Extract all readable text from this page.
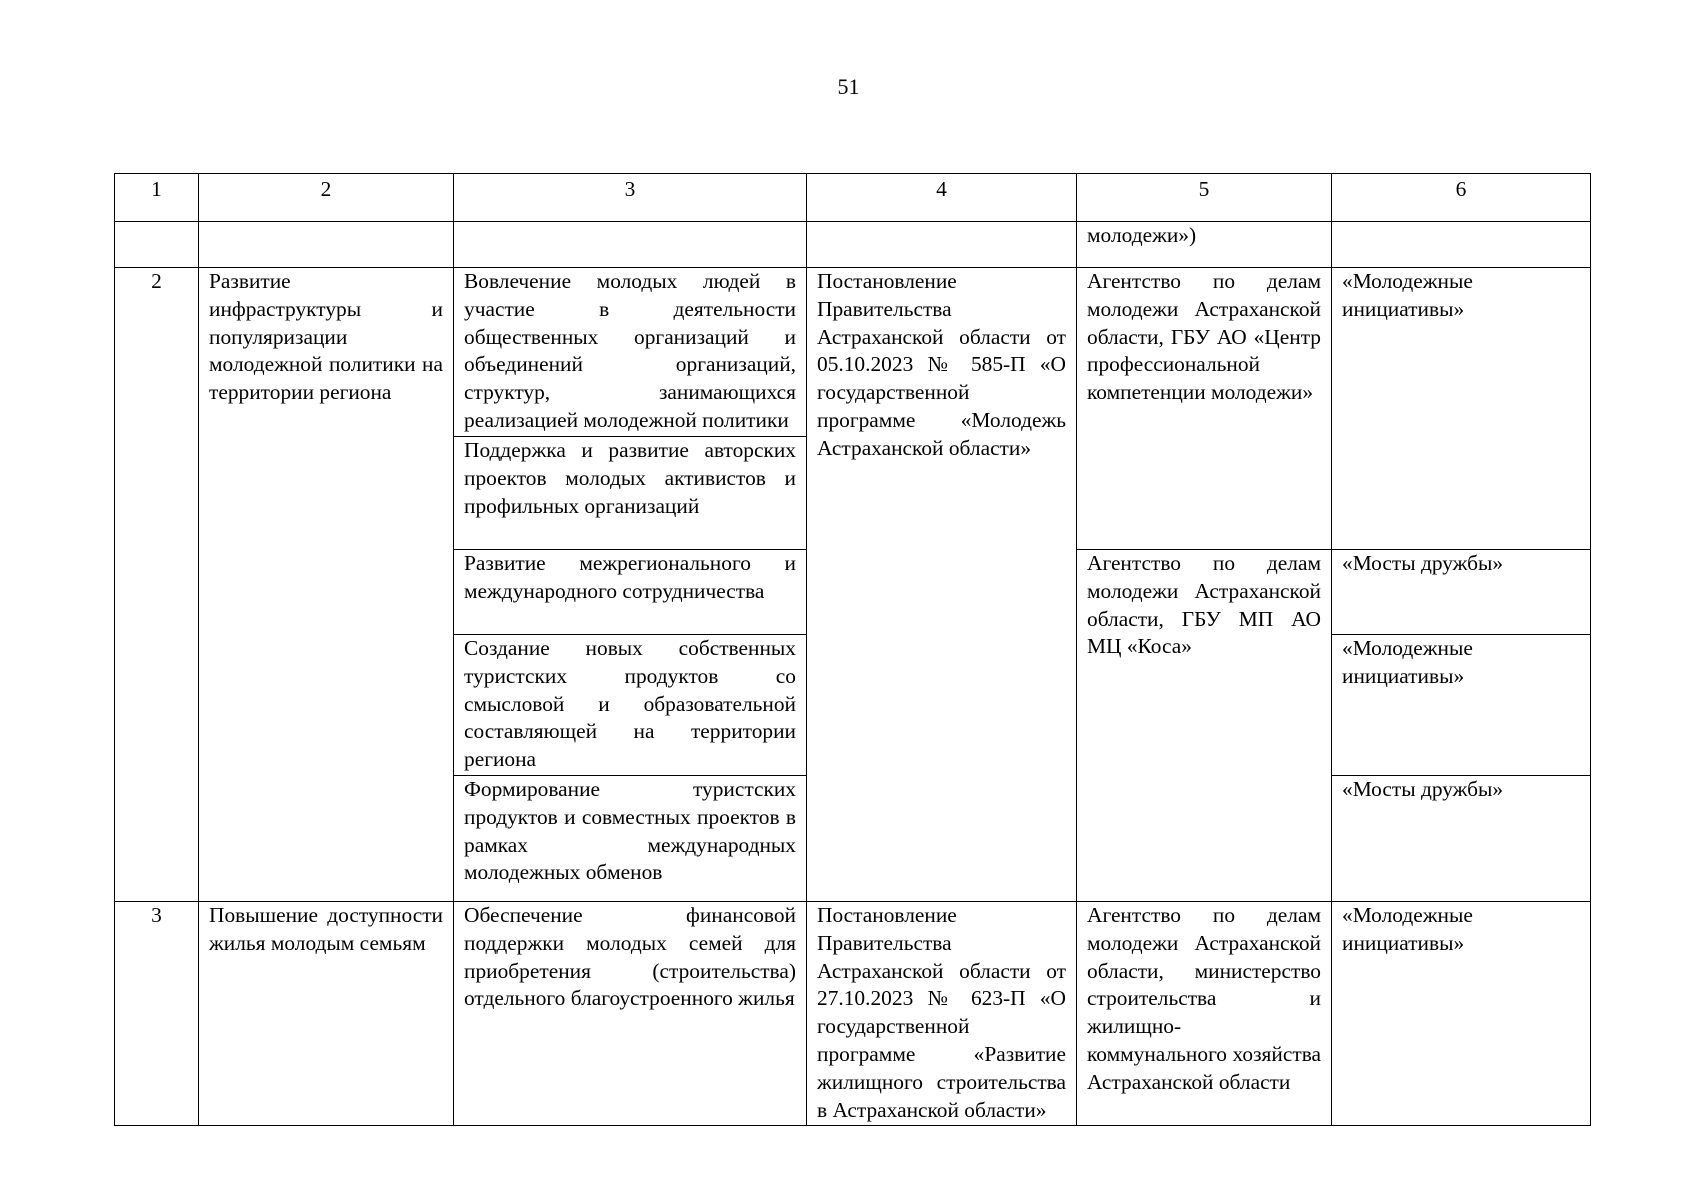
51
1	2	3	4	5	6
				молодежи»)	
2	Развитие инфраструктуры и популяризации молодежной политики на территории региона	Вовлечение молодых людей в участие в деятельности общественных организаций и объединений организаций, структур, занимающихся реализацией молодежной политики	Постановление Правительства Астраханской области от 05.10.2023 № 585-П «О государственной программе «Молодежь Астраханской области»	Агентство по делам молодежи Астраханской области, ГБУ АО «Центр профессиональной компетенции молодежи»	«Молодежные инициативы»
		Поддержка и развитие авторских проектов молодых активистов и профильных организаций			
		Развитие межрегионального и международного сотрудничества		Агентство по делам молодежи Астраханской области, ГБУ МП АО МЦ «Коса»	«Мосты дружбы»
		Создание новых собственных туристских продуктов со смысловой и образовательной составляющей на территории региона			«Молодежные инициативы»
		Формирование туристских продуктов и совместных проектов в рамках международных молодежных обменов			«Мосты дружбы»
3	Повышение доступности жилья молодым семьям	Обеспечение финансовой поддержки молодых семей для приобретения (строительства) отдельного благоустроенного жилья	Постановление Правительства Астраханской области от 27.10.2023 № 623-П «О государственной программе «Развитие жилищного строительства в Астраханской области»	Агентство по делам молодежи Астраханской области, министерство строительства и жилищно-коммунального хозяйства Астраханской области	«Молодежные инициативы»
